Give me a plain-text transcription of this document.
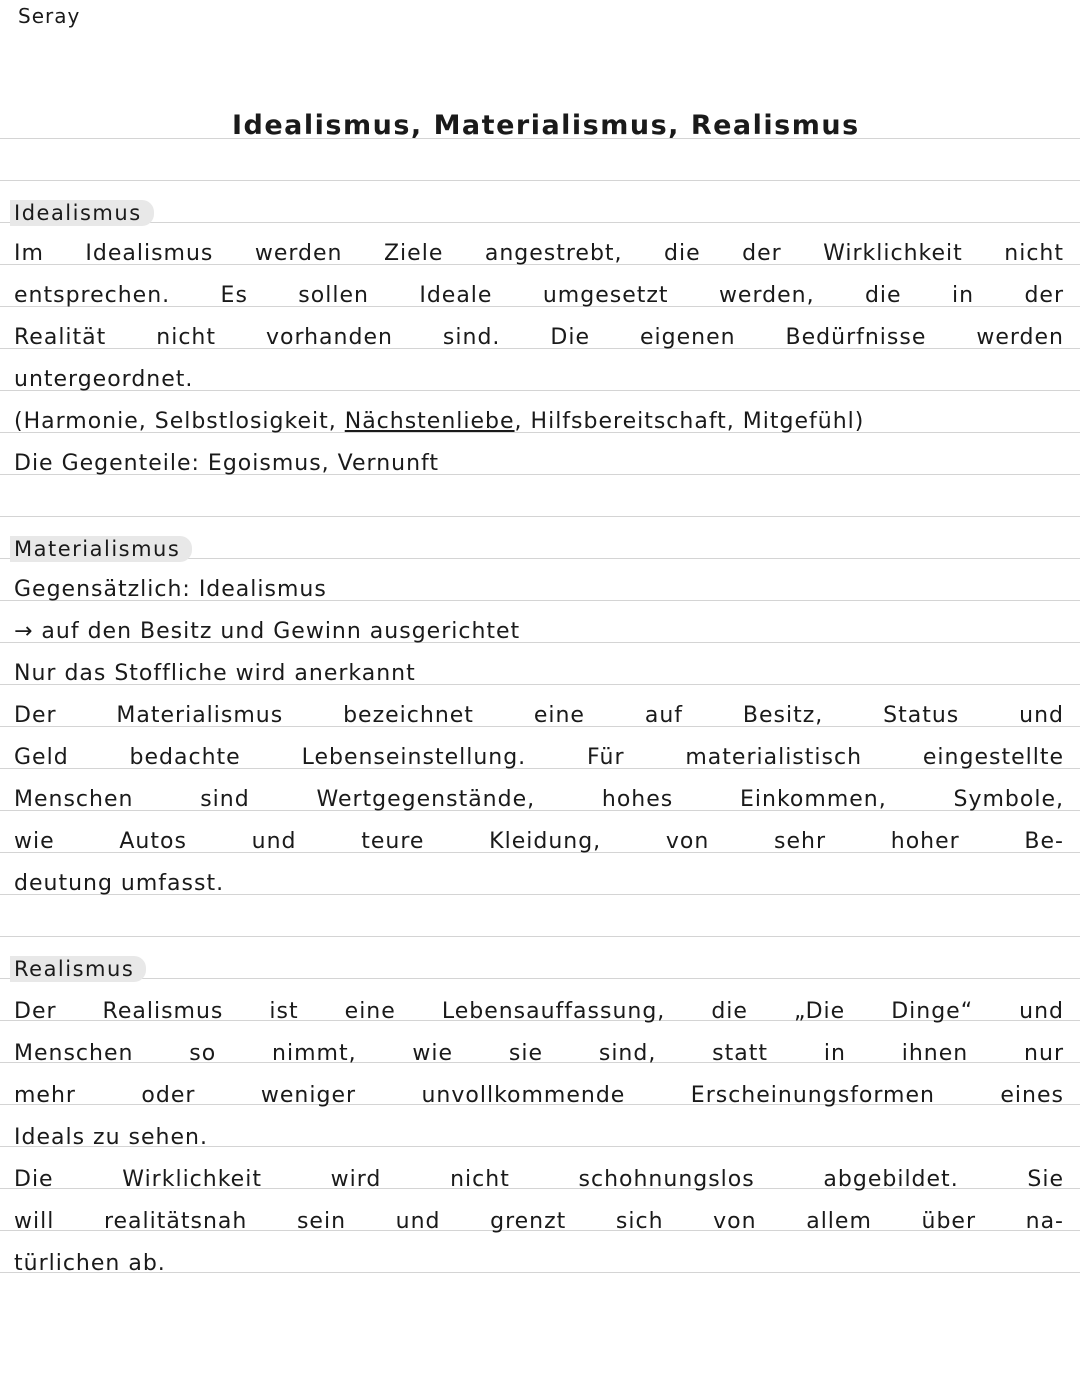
Seray
Idealismus, Materialismus, Realismus
Idealismus
Im Idealismus werden Ziele angestrebt, die der Wirklichkeit nicht
entsprechen. Es sollen Ideale umgesetzt werden, die in der
Realität nicht vorhanden sind. Die eigenen Bedürfnisse werden
untergeordnet.
(Harmonie, Selbstlosigkeit, Nächstenliebe, Hilfsbereitschaft, Mitgefühl)
Die Gegenteile: Egoismus, Vernunft
Materialismus
Gegensätzlich: Idealismus
→ auf den Besitz und Gewinn ausgerichtet
Nur das Stoffliche wird anerkannt
Der Materialismus bezeichnet eine auf Besitz, Status und
Geld bedachte Lebenseinstellung. Für materialistisch eingestellte
Menschen sind Wertgegenstände, hohes Einkommen, Symbole,
wie Autos und teure Kleidung, von sehr hoher Be-
deutung umfasst.
Realismus
Der Realismus ist eine Lebensauffassung, die „Die Dinge“ und
Menschen so nimmt, wie sie sind, statt in ihnen nur
mehr oder weniger unvollkommende Erscheinungsformen eines
Ideals zu sehen.
Die Wirklichkeit wird nicht schohnungslos abgebildet. Sie
will realitätsnah sein und grenzt sich von allem über na-
türlichen ab.
